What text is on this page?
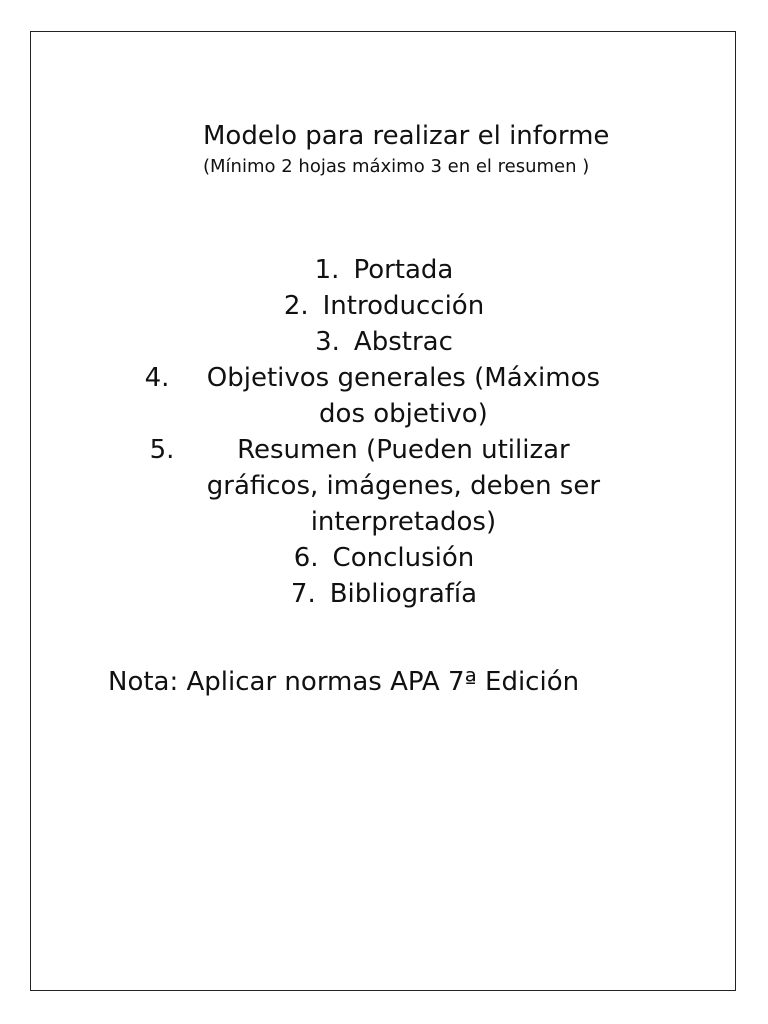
Modelo para realizar el informe
(Mínimo 2 hojas máximo 3 en el resumen )
1. Portada
2. Introducción
3. Abstrac
4. Objetivos generales (Máximos dos objetivo)
5. Resumen (Pueden utilizar gráficos, imágenes, deben ser interpretados)
6. Conclusión
7. Bibliografía
Nota: Aplicar normas APA 7ª Edición
